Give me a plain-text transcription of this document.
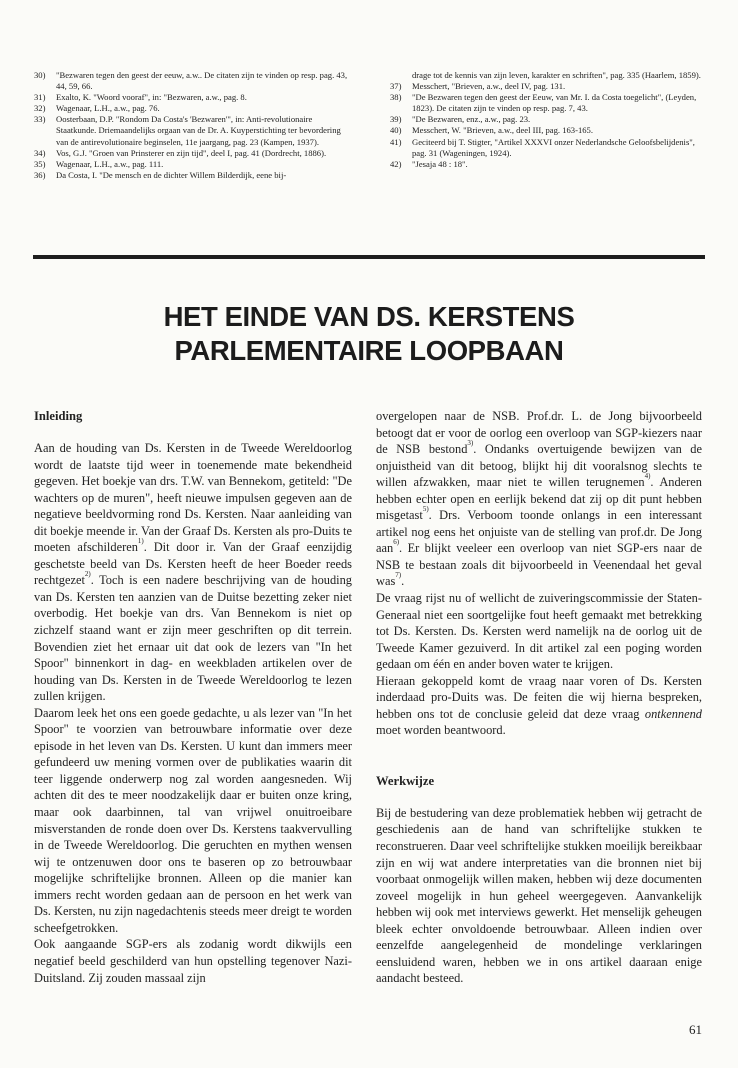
30)	"Bezwaren tegen den geest der eeuw, a.w.. De citaten zijn te vinden op resp. pag. 43, 44, 59, 66.

31)	Exalto, K. "Woord vooraf", in: "Bezwaren, a.w., pag. 8.

32)	Wagenaar, L.H., a.w., pag. 76.

33)	Oosterbaan, D.P. "Rondom Da Costa's 'Bezwaren'", in: Anti-revolutionaire Staatkunde. Driemaandelijks orgaan van de Dr. A. Kuyperstichting ter bevordering van de antirevolutionaire beginselen, 11e jaargang, pag. 23 (Kampen, 1937).

34)	Vos, G.J. "Groen van Prinsterer en zijn tijd", deel I, pag. 41 (Dordrecht, 1886).

35)	Wagenaar, L.H., a.w., pag. 111.

36)	Da Costa, I. "De mensch en de dichter Willem Bilderdijk, eene bij-

drage tot de kennis van zijn leven, karakter en schriften", pag. 335 (Haarlem, 1859).

37)	Messchert, "Brieven, a.w., deel IV, pag. 131.

38)	"De Bezwaren tegen den geest der Eeuw, van Mr. I. da Costa toegelicht", (Leyden, 1823). De citaten zijn te vinden op resp. pag. 7, 43.

39)	"De Bezwaren, enz., a.w., pag. 23.

40)	Messchert, W. "Brieven, a.w., deel III, pag. 163-165.

41)	Geciteerd bij T. Stigter, "Artikel XXXVI onzer Nederlandsche Geloofsbelijdenis", pag. 31 (Wageningen, 1924).

42)	"Jesaja 48 : 18".

HET EINDE VAN DS. KERSTENS
PARLEMENTAIRE LOOPBAAN
Inleiding

Aan de houding van Ds. Kersten in de Tweede Wereldoorlog wordt de laatste tijd weer in toenemende mate bekendheid gegeven. Het boekje van drs. T.W. van Bennekom, getiteld: "De wachters op de muren", heeft nieuwe impulsen gegeven aan de negatieve beeldvorming rond Ds. Kersten. Naar aanleiding van dit boekje meende ir. Van der Graaf Ds. Kersten als pro-Duits te moeten afschilderen$^{1)}$. Dit door ir. Van der Graaf eenzijdig geschetste beeld van Ds. Kersten heeft de heer Boeder reeds rechtgezet$^{2)}$. Toch is een nadere beschrijving van de houding van Ds. Kersten ten aanzien van de Duitse bezetting zeker niet overbodig. Het boekje van drs. Van Bennekom is niet op zichzelf staand want er zijn meer geschriften op dit terrein. Bovendien ziet het ernaar uit dat ook de lezers van "In het Spoor" binnenkort in dag- en weekbladen artikelen over de houding van Ds. Kersten in de Tweede Wereldoorlog te lezen zullen krijgen.

Daarom leek het ons een goede gedachte, u als lezer van "In het Spoor" te voorzien van betrouwbare informatie over deze episode in het leven van Ds. Kersten. U kunt dan immers meer gefundeerd uw mening vormen over de publikaties waarin dit teer liggende onderwerp nog zal worden aangesneden. Wij achten dit des te meer noodzakelijk daar er buiten onze kring, maar ook daarbinnen, tal van vrijwel onuitroeibare misverstanden de ronde doen over Ds. Kerstens taakvervulling in de Tweede Wereldoorlog. Die geruchten en mythen wensen wij te ontzenuwen door ons te baseren op zo betrouwbaar mogelijke schriftelijke bronnen. Alleen op die manier kan immers recht worden gedaan aan de persoon en het werk van Ds. Kersten, nu zijn nagedachtenis steeds meer dreigt te worden scheefgetrokken.

Ook aangaande SGP-ers als zodanig wordt dikwijls een negatief beeld geschilderd van hun opstelling tegenover Nazi-Duitsland. Zij zouden massaal zijn

overgelopen naar de NSB. Prof.dr. L. de Jong bijvoorbeeld betoogt dat er voor de oorlog een overloop van SGP-kiezers naar de NSB bestond$^{3)}$. Ondanks overtuigende bewijzen van de onjuistheid van dit betoog, blijkt hij dit vooralsnog slechts te willen afzwakken, maar niet te willen terugnemen$^{4)}$. Anderen hebben echter open en eerlijk bekend dat zij op dit punt hebben misgetast$^{5)}$. Drs. Verboom toonde onlangs in een interessant artikel nog eens het onjuiste van de stelling van prof.dr. De Jong aan$^{6)}$. Er blijkt veeleer een overloop van niet SGP-ers naar de NSB te bestaan zoals dit bijvoorbeeld in Veenendaal het geval was$^{7)}$.

De vraag rijst nu of wellicht de zuiveringscommissie der Staten-Generaal niet een soortgelijke fout heeft gemaakt met betrekking tot Ds. Kersten. Ds. Kersten werd namelijk na de oorlog uit de Tweede Kamer gezuiverd. In dit artikel zal een poging worden gedaan om één en ander boven water te krijgen.

Hieraan gekoppeld komt de vraag naar voren of Ds. Kersten inderdaad pro-Duits was. De feiten die wij hierna bespreken, hebben ons tot de conclusie geleid dat deze vraag ontkennend moet worden beantwoord.

Werkwijze

Bij de bestudering van deze problematiek hebben wij getracht de geschiedenis aan de hand van schriftelijke stukken te reconstrueren. Daar veel schriftelijke stukken moeilijk bereikbaar zijn en wij wat andere interpretaties van die bronnen niet bij voorbaat onmogelijk willen maken, hebben wij deze documenten zoveel mogelijk in hun geheel weergegeven. Aanvankelijk hebben wij ook met interviews gewerkt. Het menselijk geheugen bleek echter onvoldoende betrouwbaar. Alleen indien over eenzelfde aangelegenheid de mondelinge verklaringen eensluidend waren, hebben we in ons artikel daaraan enige aandacht besteed.

61
